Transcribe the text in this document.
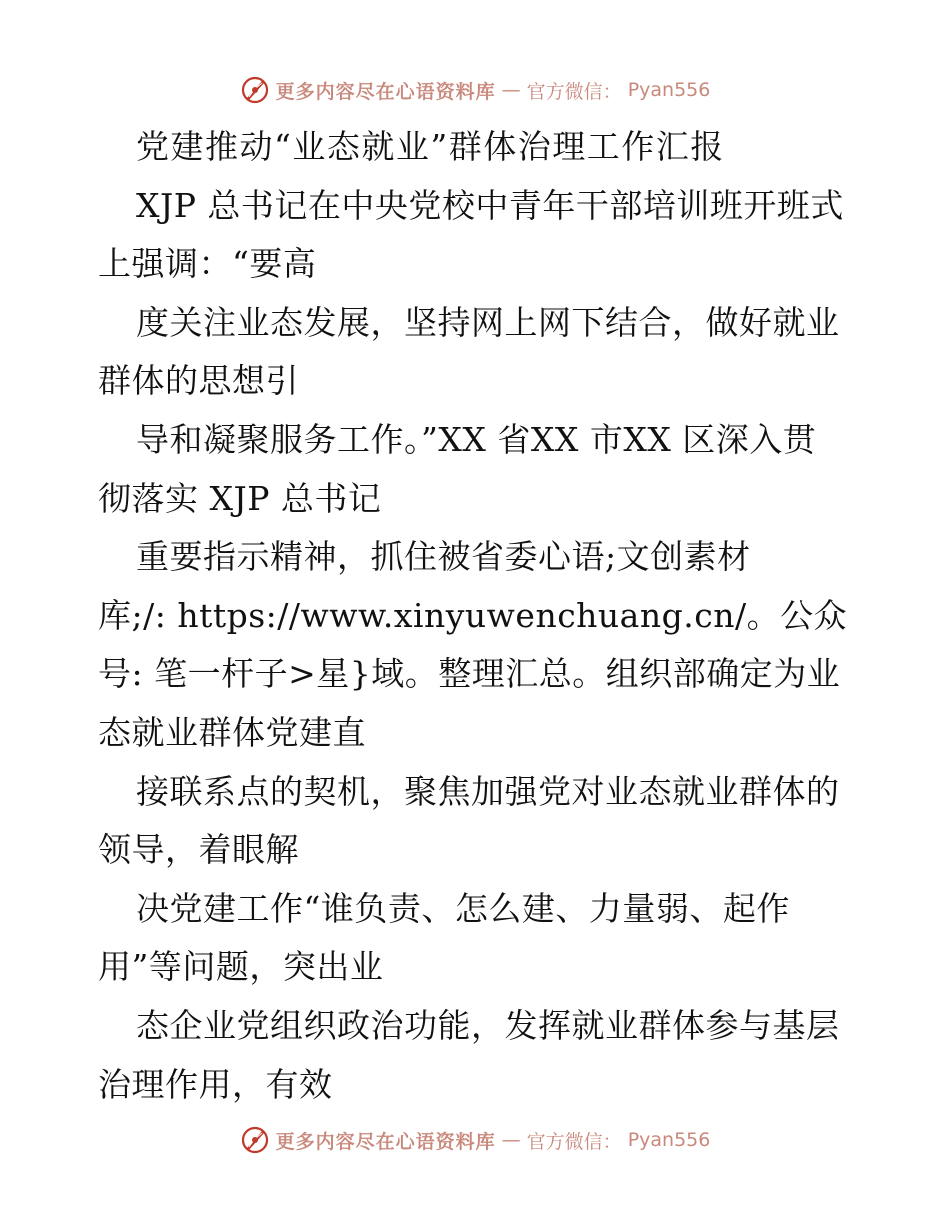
更多内容尽在心语资料库 — 官方微信： Pyan556
党建推动“业态就业”群体治理工作汇报
XJP 总书记在中央党校中青年干部培训班开班式
上强调：“要高
度关注业态发展，坚持网上网下结合，做好就业
群体的思想引
导和凝聚服务工作。”XX 省XX 市XX 区深入贯
彻落实 XJP 总书记
重要指示精神，抓住被省委心语;文创素材
库;/: https://www.xinyuwenchuang.cn/。公众
号: 笔一杆子>星}域。整理汇总。组织部确定为业
态就业群体党建直
接联系点的契机，聚焦加强党对业态就业群体的
领导，着眼解
决党建工作“谁负责、怎么建、力量弱、起作
用”等问题，突出业
态企业党组织政治功能，发挥就业群体参与基层
治理作用，有效
更多内容尽在心语资料库 — 官方微信： Pyan556
